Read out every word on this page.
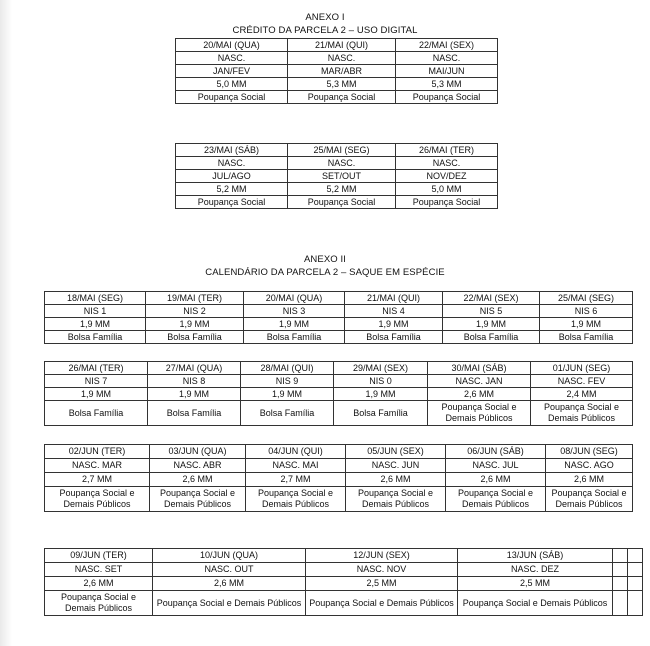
ANEXO I
CRÉDITO DA PARCELA 2 – USO DIGITAL
20/MAI (QUA)	21/MAI (QUI)	22/MAI (SEX)
NASC.	NASC.	NASC.
JAN/FEV	MAR/ABR	MAI/JUN
5,0 MM	5,3 MM	5,3 MM
Poupança Social	Poupança Social	Poupança Social
23/MAI (SÁB)	25/MAI (SEG)	26/MAI (TER)
NASC.	NASC.	NASC.
JUL/AGO	SET/OUT	NOV/DEZ
5,2 MM	5,2 MM	5,0 MM
Poupança Social	Poupança Social	Poupança Social
ANEXO II
CALENDÁRIO DA PARCELA 2 – SAQUE EM ESPÉCIE
18/MAI (SEG)	19/MAI (TER)	20/MAI (QUA)	21/MAI (QUI)	22/MAI (SEX)	25/MAI (SEG)
NIS 1	NIS 2	NIS 3	NIS 4	NIS 5	NIS 6
1,9 MM	1,9 MM	1,9 MM	1,9 MM	1,9 MM	1,9 MM
Bolsa Família	Bolsa Família	Bolsa Família	Bolsa Família	Bolsa Família	Bolsa Família
26/MAI (TER)	27/MAI (QUA)	28/MAI (QUI)	29/MAI (SEX)	30/MAI (SÁB)	01/JUN (SEG)
NIS 7	NIS 8	NIS 9	NIS 0	NASC. JAN	NASC. FEV
1,9 MM	1,9 MM	1,9 MM	1,9 MM	2,6 MM	2,4 MM
Bolsa Família	Bolsa Família	Bolsa Família	Bolsa Família	Poupança Social e Demais Públicos	Poupança Social e Demais Públicos
02/JUN (TER)	03/JUN (QUA)	04/JUN (QUI)	05/JUN (SEX)	06/JUN (SÁB)	08/JUN (SEG)
NASC. MAR	NASC. ABR	NASC. MAI	NASC. JUN	NASC. JUL	NASC. AGO
2,7 MM	2,6 MM	2,7 MM	2,6 MM	2,6 MM	2,6 MM
Poupança Social e Demais Públicos	Poupança Social e Demais Públicos	Poupança Social e Demais Públicos	Poupança Social e Demais Públicos	Poupança Social e Demais Públicos	Poupança Social e Demais Públicos
09/JUN (TER)	10/JUN (QUA)	12/JUN (SEX)	13/JUN (SÁB)		
NASC. SET	NASC. OUT	NASC. NOV	NASC. DEZ		
2,6 MM	2,6 MM	2,5 MM	2,5 MM		
Poupança Social e Demais Públicos	Poupança Social e Demais Públicos	Poupança Social e Demais Públicos	Poupança Social e Demais Públicos		
